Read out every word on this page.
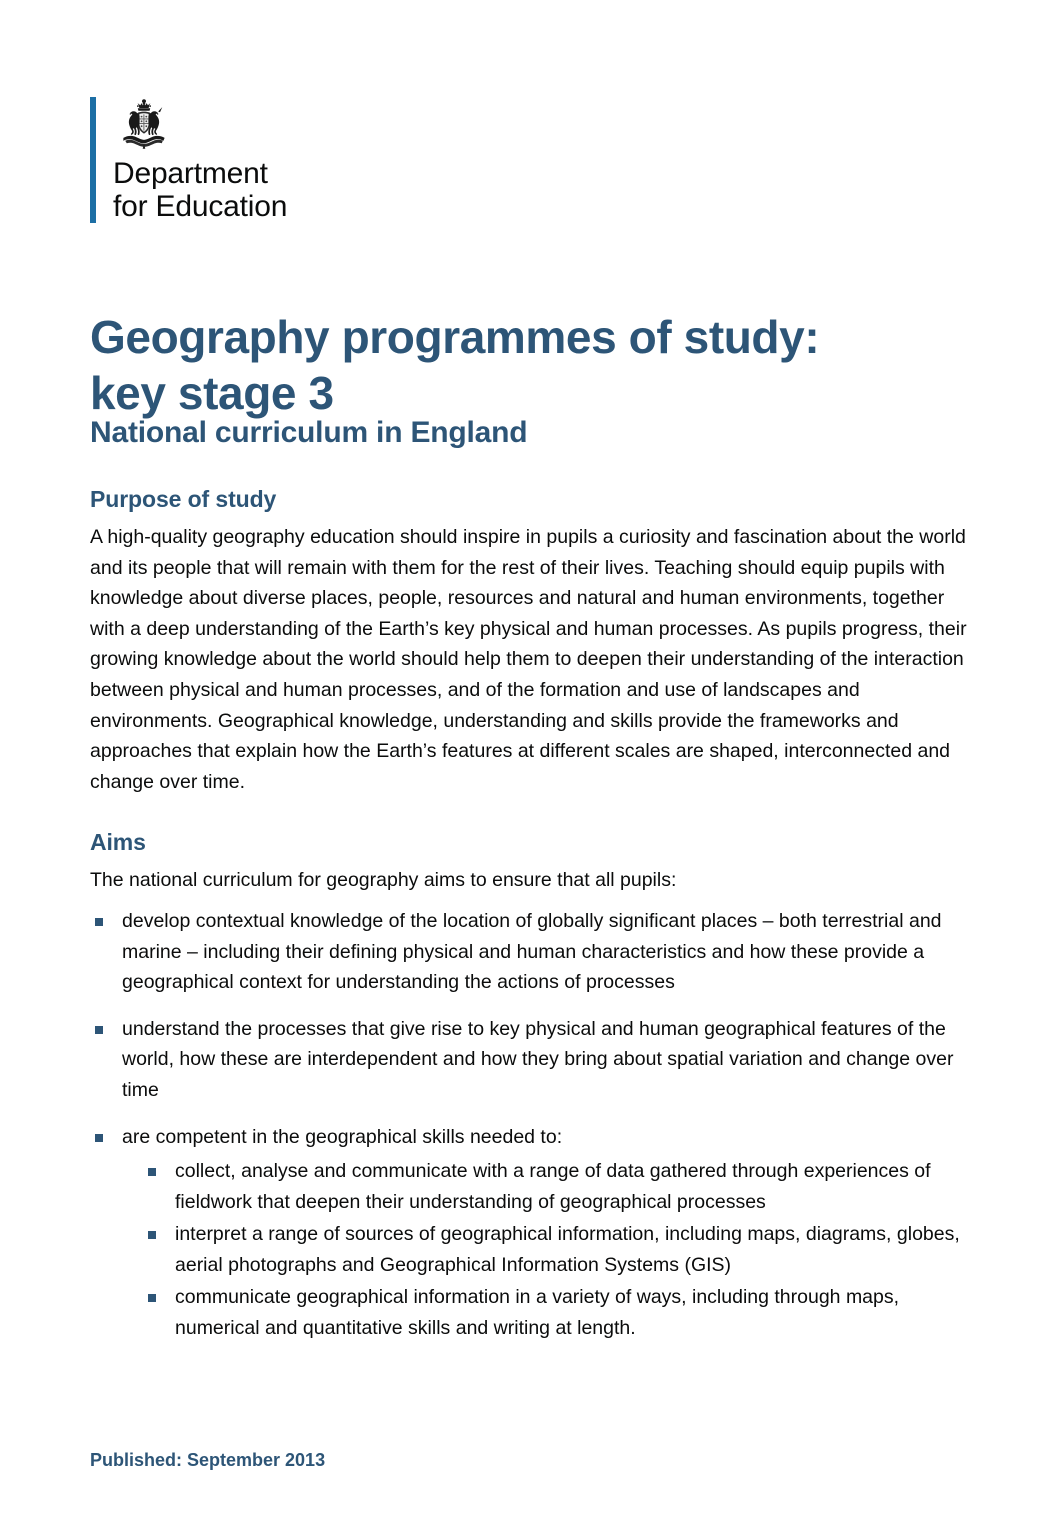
Department
for Education
Geography programmes of study:
key stage 3
National curriculum in England
Purpose of study

A high-quality geography education should inspire in pupils a curiosity and fascination about the world and its people that will remain with them for the rest of their lives. Teaching should equip pupils with knowledge about diverse places, people, resources and natural and human environments, together with a deep understanding of the Earth’s key physical and human processes. As pupils progress, their growing knowledge about the world should help them to deepen their understanding of the interaction between physical and human processes, and of the formation and use of landscapes and environments. Geographical knowledge, understanding and skills provide the frameworks and approaches that explain how the Earth’s features at different scales are shaped, interconnected and change over time.

Aims

The national curriculum for geography aims to ensure that all pupils:

develop contextual knowledge of the location of globally significant places – both terrestrial and marine – including their defining physical and human characteristics and how these provide a geographical context for understanding the actions of processes
understand the processes that give rise to key physical and human geographical features of the world, how these are interdependent and how they bring about spatial variation and change over time
are competent in the geographical skills needed to:
collect, analyse and communicate with a range of data gathered through experiences of fieldwork that deepen their understanding of geographical processes
interpret a range of sources of geographical information, including maps, diagrams, globes, aerial photographs and Geographical Information Systems (GIS)
communicate geographical information in a variety of ways, including through maps, numerical and quantitative skills and writing at length.
Published: September 2013
